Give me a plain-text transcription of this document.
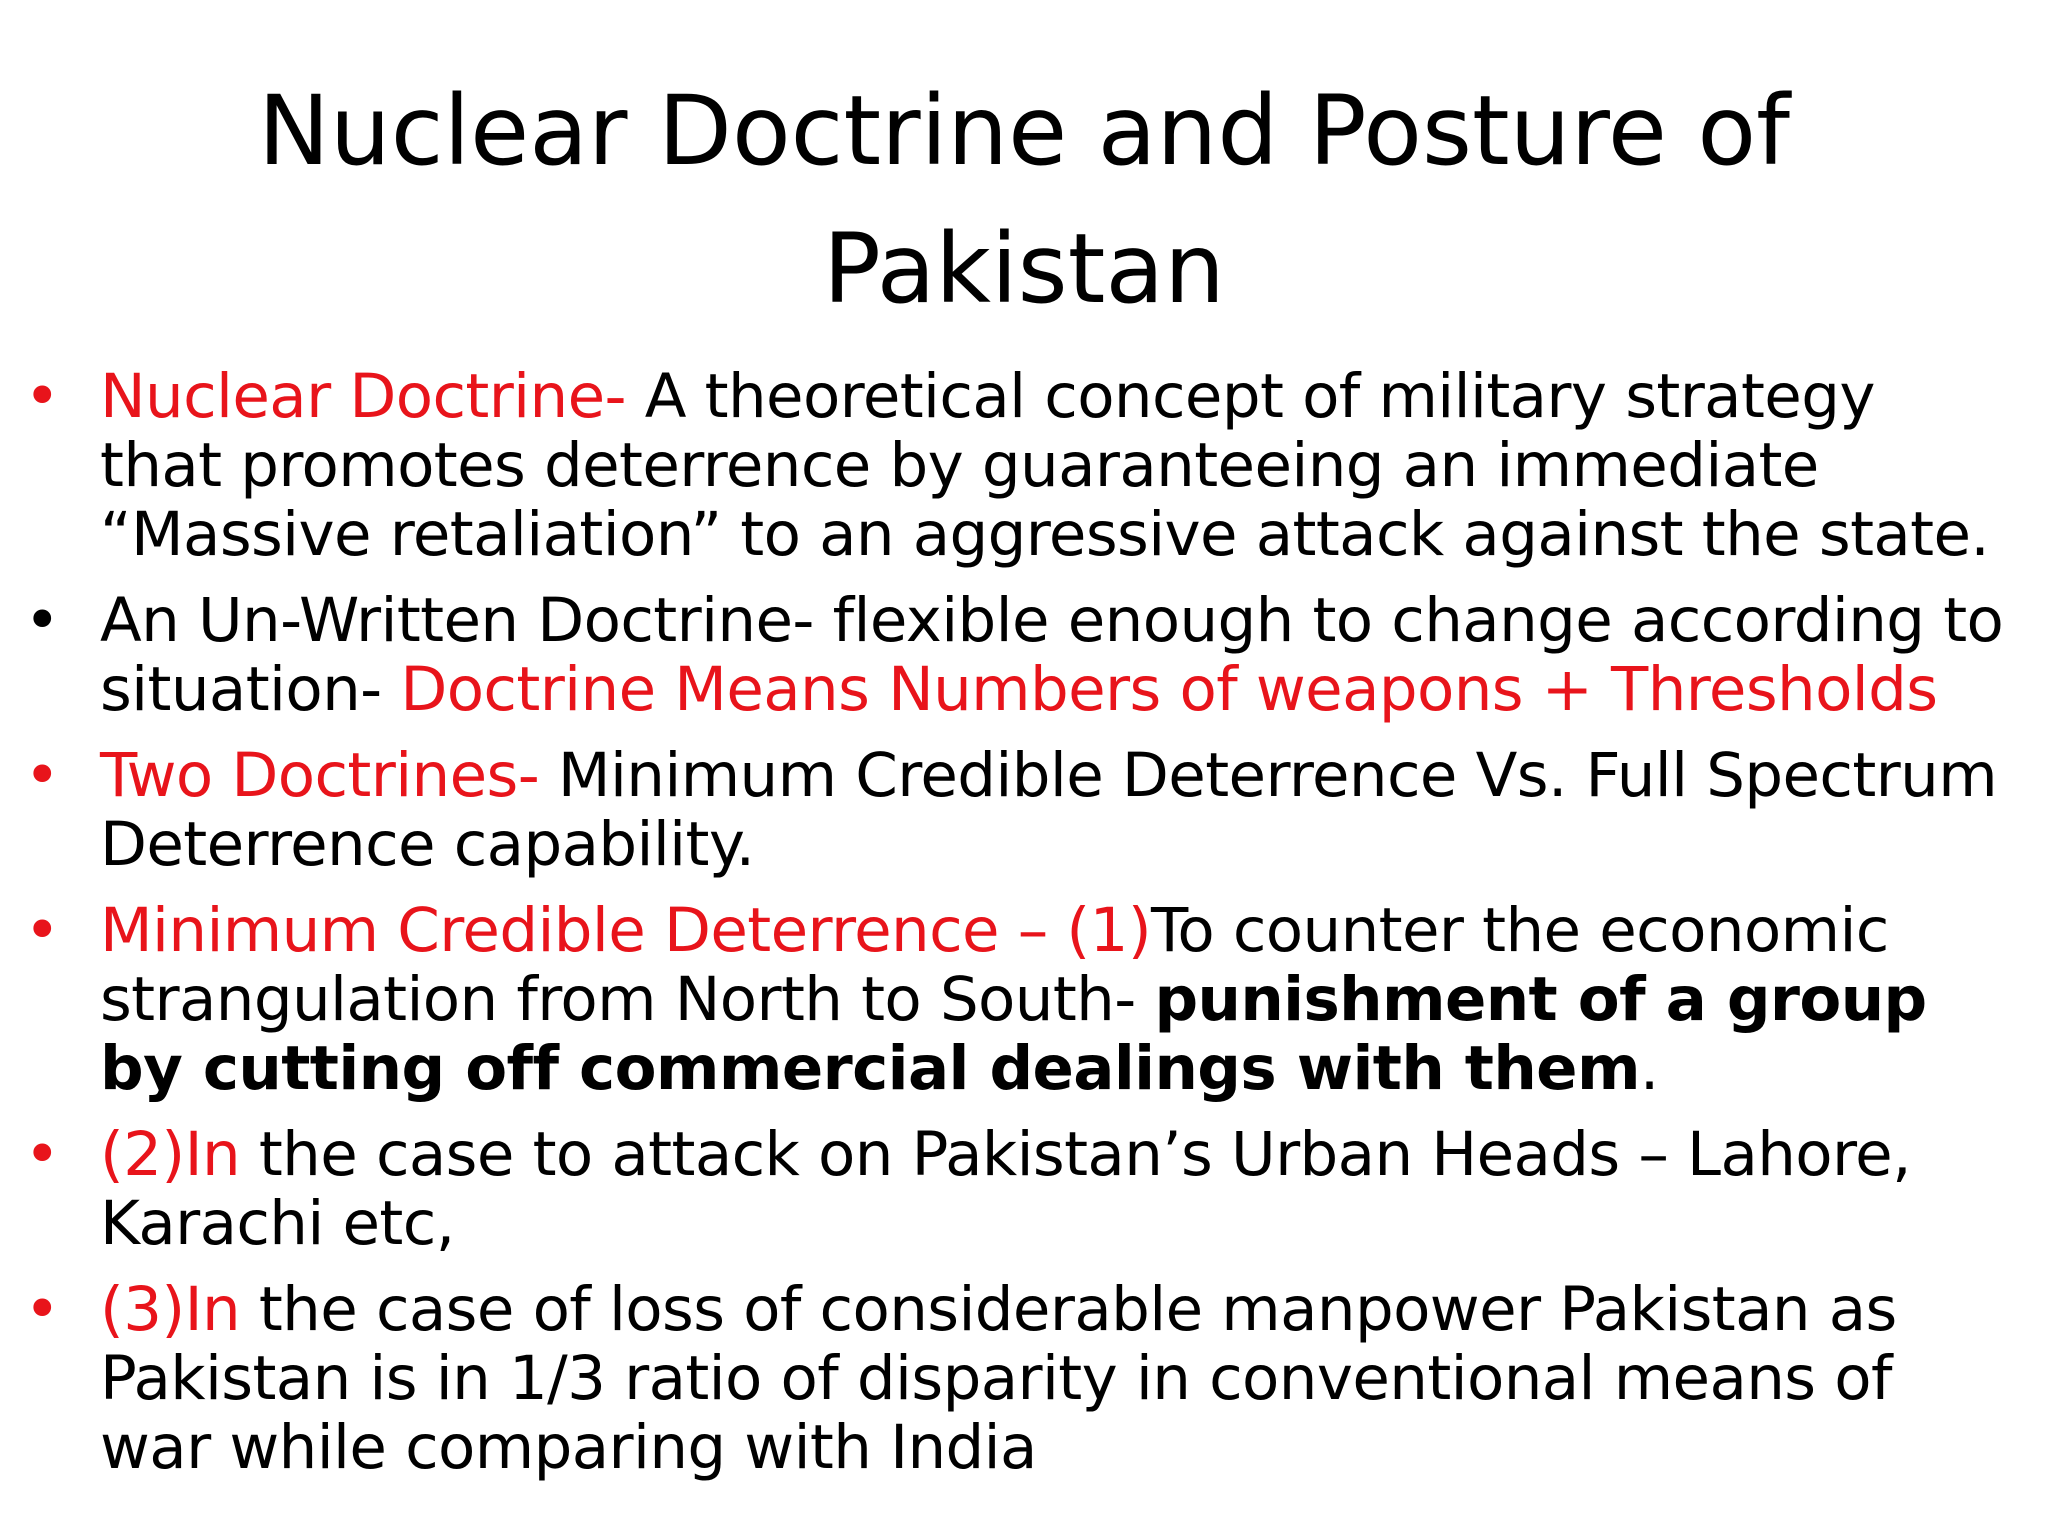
Nuclear Doctrine and Posture of
Pakistan
• Nuclear Doctrine- A theoretical concept of military strategy that promotes deterrence by guaranteeing an immediate “Massive retaliation” to an aggressive attack against the state.
• An Un-Written Doctrine- flexible enough to change according to situation- Doctrine Means Numbers of weapons + Thresholds
• Two Doctrines- Minimum Credible Deterrence Vs. Full Spectrum Deterrence capability.
• Minimum Credible Deterrence – (1)To counter the economic strangulation from North to South- punishment of a group by cutting off commercial dealings with them.
• (2)In the case to attack on Pakistan’s Urban Heads – Lahore, Karachi etc,
• (3)In the case of loss of considerable manpower Pakistan as Pakistan is in 1/3 ratio of disparity in conventional means of war while comparing with India
